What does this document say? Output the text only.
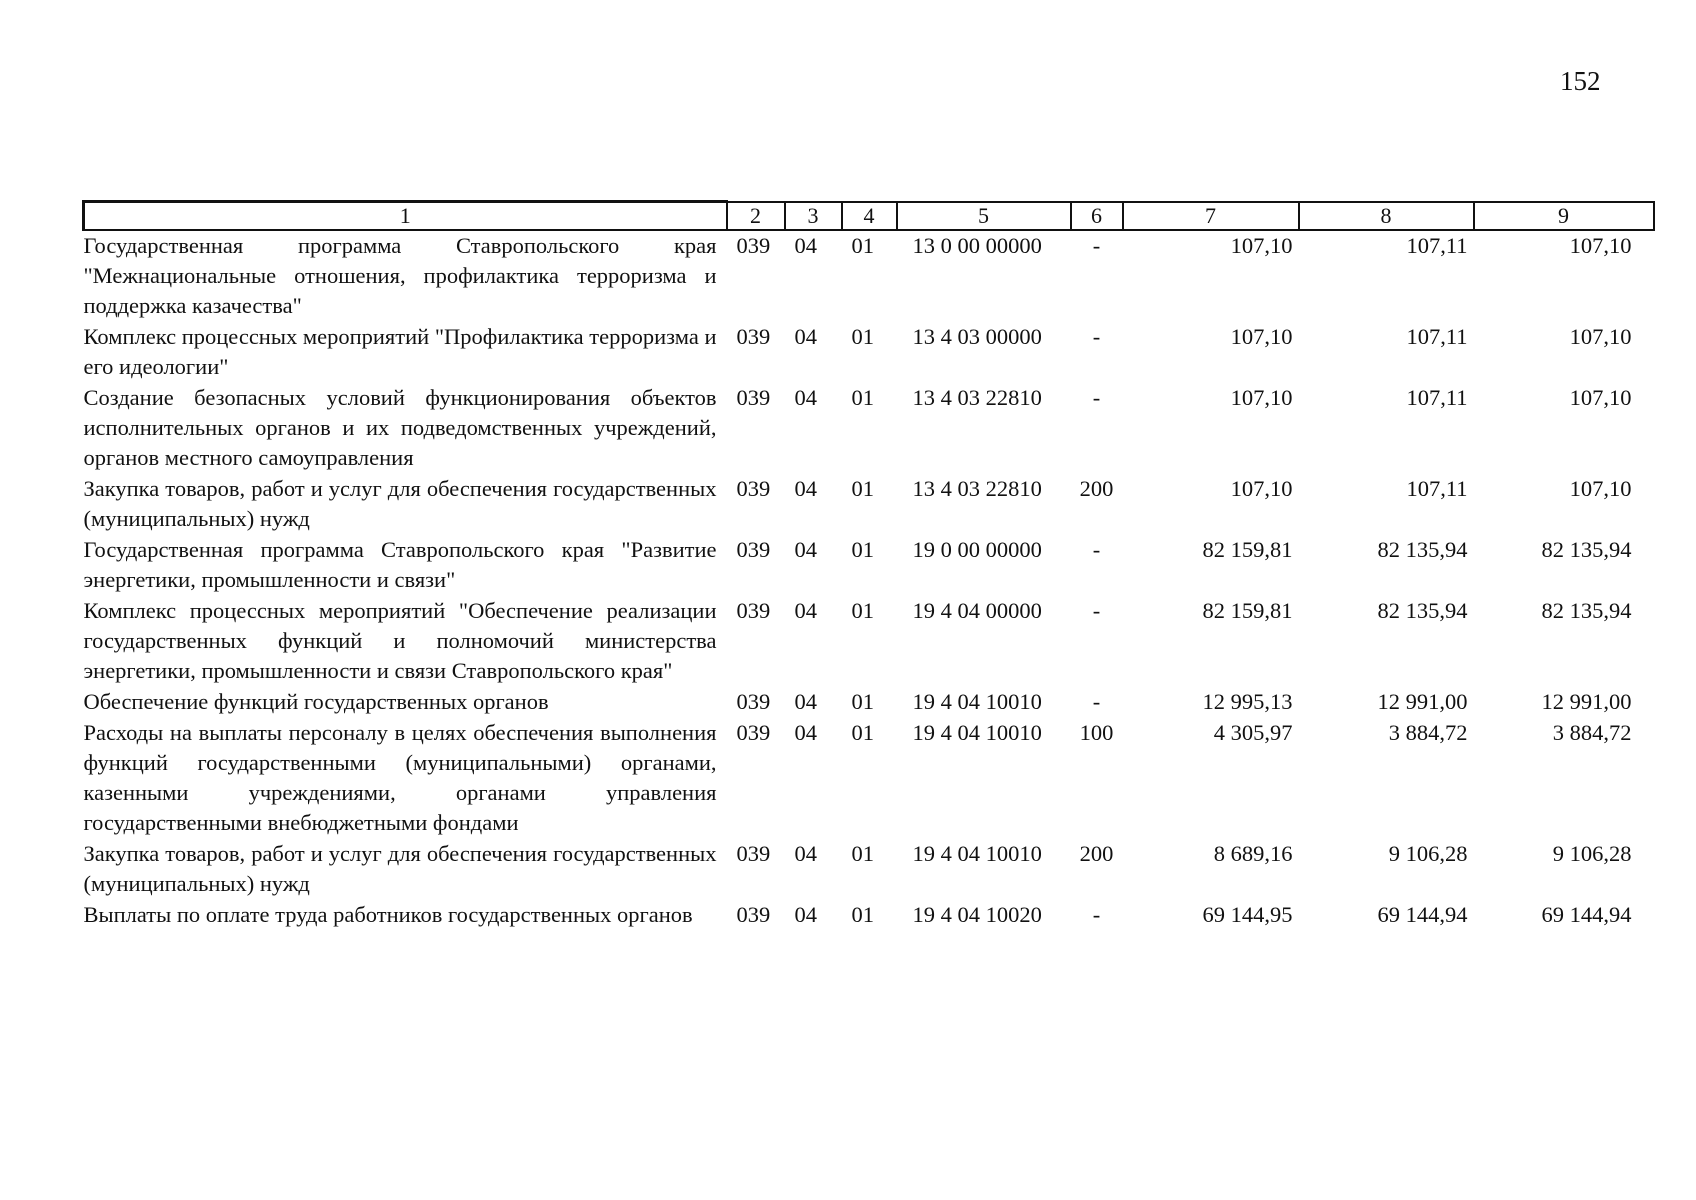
152
1	2	3	4	5	6	7	8	9
Государственная программа Ставропольского края "Межнациональные отношения, профилактика терроризма и поддержка казачества"	039	04	01	13 0 00 00000	-	107,10	107,11	107,10
Комплекс процессных мероприятий "Профилактика терроризма и его идеологии"	039	04	01	13 4 03 00000	-	107,10	107,11	107,10
Создание безопасных условий функционирования объектов исполнительных органов и их подведомственных учреждений, органов местного самоуправления	039	04	01	13 4 03 22810	-	107,10	107,11	107,10
Закупка товаров, работ и услуг для обеспечения государственных (муниципальных) нужд	039	04	01	13 4 03 22810	200	107,10	107,11	107,10
Государственная программа Ставропольского края "Развитие энергетики, промышленности и связи"	039	04	01	19 0 00 00000	-	82 159,81	82 135,94	82 135,94
Комплекс процессных мероприятий "Обеспечение реализации государственных функций и полномочий министерства энергетики, промышленности и связи Ставропольского края"	039	04	01	19 4 04 00000	-	82 159,81	82 135,94	82 135,94
Обеспечение функций государственных органов	039	04	01	19 4 04 10010	-	12 995,13	12 991,00	12 991,00
Расходы на выплаты персоналу в целях обеспечения выполнения функций государственными (муниципальными) органами, казенными учреждениями, органами управления государственными внебюджетными фондами	039	04	01	19 4 04 10010	100	4 305,97	3 884,72	3 884,72
Закупка товаров, работ и услуг для обеспечения государственных (муниципальных) нужд	039	04	01	19 4 04 10010	200	8 689,16	9 106,28	9 106,28
Выплаты по оплате труда работников государственных органов	039	04	01	19 4 04 10020	-	69 144,95	69 144,94	69 144,94
